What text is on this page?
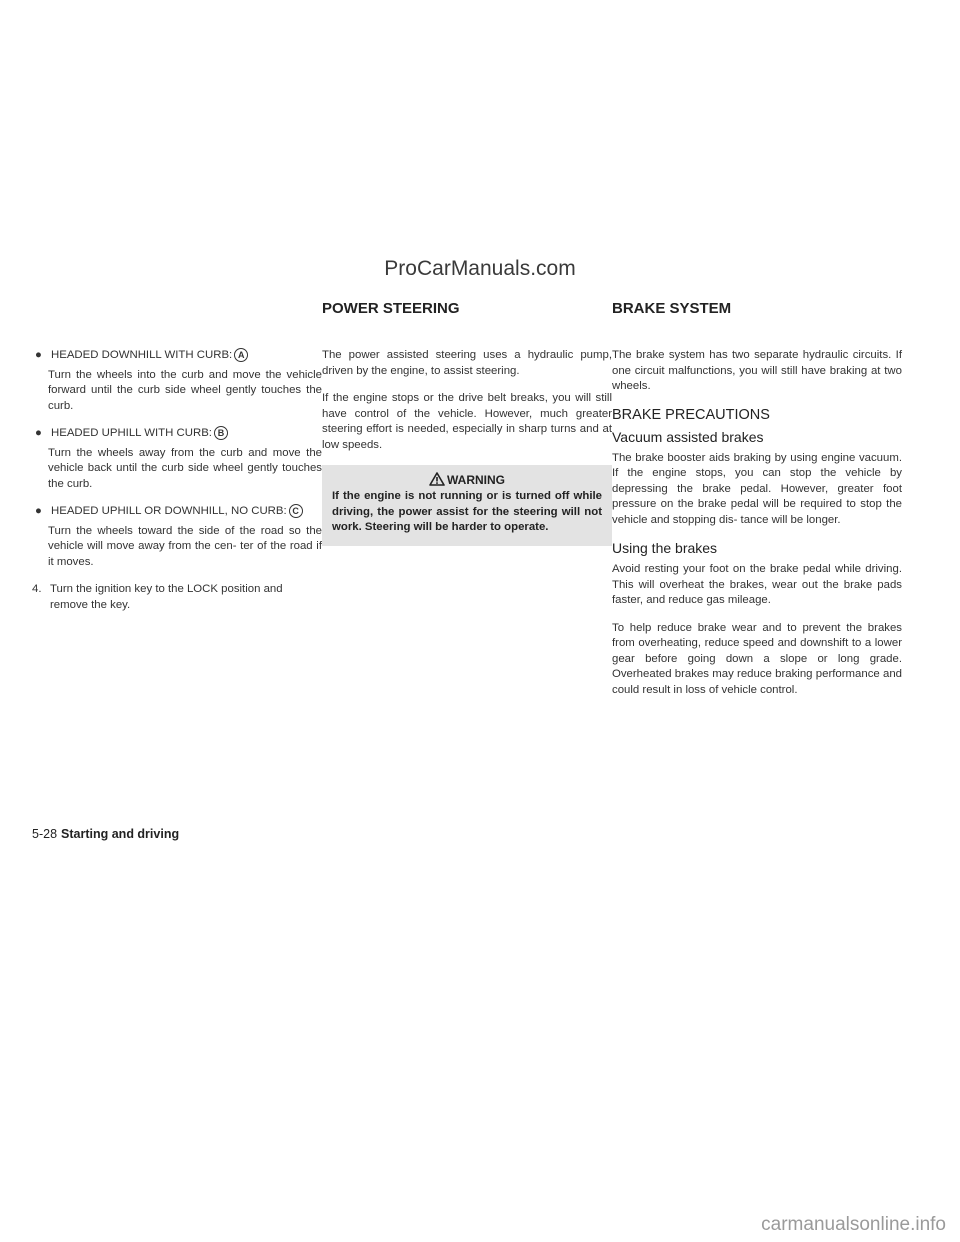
ProCarManuals.com
● HEADED DOWNHILL WITH CURB: A

Turn the wheels into the curb and move the vehicle forward until the curb side wheel gently touches the curb.

● HEADED UPHILL WITH CURB: B

Turn the wheels away from the curb and move the vehicle back until the curb side wheel gently touches the curb.

● HEADED UPHILL OR DOWNHILL, NO CURB: C

Turn the wheels toward the side of the road so the vehicle will move away from the cen- ter of the road if it moves.

4. Turn the ignition key to the LOCK position and remove the key.
POWER STEERING

The power assisted steering uses a hydraulic pump, driven by the engine, to assist steering.

If the engine stops or the drive belt breaks, you will still have control of the vehicle. However, much greater steering effort is needed, especially in sharp turns and at low speeds.

WARNING
If the engine is not running or is turned off while driving, the power assist for the steering will not work. Steering will be harder to operate.
BRAKE SYSTEM

The brake system has two separate hydraulic circuits. If one circuit malfunctions, you will still have braking at two wheels.

BRAKE PRECAUTIONS
Vacuum assisted brakes

The brake booster aids braking by using engine vacuum. If the engine stops, you can stop the vehicle by depressing the brake pedal. However, greater foot pressure on the brake pedal will be required to stop the vehicle and stopping dis- tance will be longer.

Using the brakes

Avoid resting your foot on the brake pedal while driving. This will overheat the brakes, wear out the brake pads faster, and reduce gas mileage.

To help reduce brake wear and to prevent the brakes from overheating, reduce speed and downshift to a lower gear before going down a slope or long grade. Overheated brakes may reduce braking performance and could result in loss of vehicle control.

5-28 Starting and driving
carmanualsonline.info
